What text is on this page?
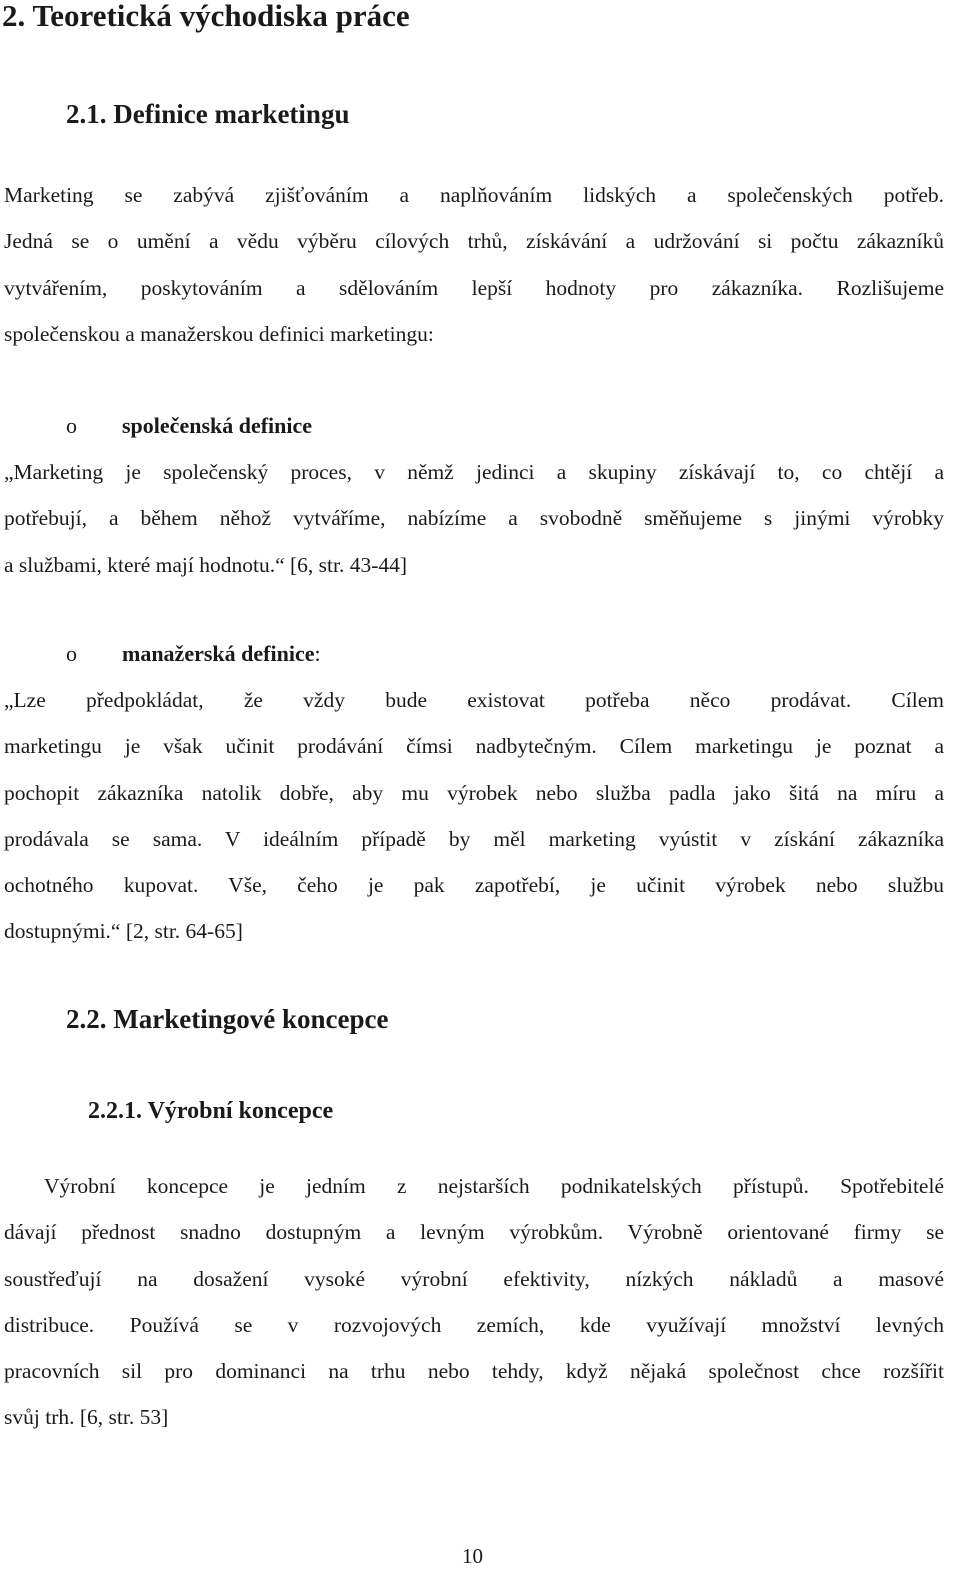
2. Teoretická východiska práce
2.1. Definice marketingu
Marketing se zabývá zjišťováním a naplňováním lidských a společenských potřeb.
Jedná se o umění a vědu výběru cílových trhů, získávání a udržování si počtu zákazníků
vytvářením, poskytováním a sdělováním lepší hodnoty pro zákazníka. Rozlišujeme
společenskou a manažerskou definici marketingu:
o společenská definice
„Marketing je společenský proces, v němž jedinci a skupiny získávají to, co chtějí a
potřebují, a během něhož vytváříme, nabízíme a svobodně směňujeme s jinými výrobky
a službami, které mají hodnotu.“ [6, str. 43-44]
o manažerská definice:
„Lze předpokládat, že vždy bude existovat potřeba něco prodávat. Cílem
marketingu je však učinit prodávání čímsi nadbytečným. Cílem marketingu je poznat a
pochopit zákazníka natolik dobře, aby mu výrobek nebo služba padla jako šitá na míru a
prodávala se sama. V ideálním případě by měl marketing vyústit v získání zákazníka
ochotného kupovat. Vše, čeho je pak zapotřebí, je učinit výrobek nebo službu
dostupnými.“ [2, str. 64-65]
2.2. Marketingové koncepce
2.2.1. Výrobní koncepce
Výrobní koncepce je jedním z nejstarších podnikatelských přístupů. Spotřebitelé
dávají přednost snadno dostupným a levným výrobkům. Výrobně orientované firmy se
soustřeďují na dosažení vysoké výrobní efektivity, nízkých nákladů a masové
distribuce. Používá se v rozvojových zemích, kde využívají množství levných
pracovních sil pro dominanci na trhu nebo tehdy, když nějaká společnost chce rozšířit
svůj trh. [6, str. 53]
10
